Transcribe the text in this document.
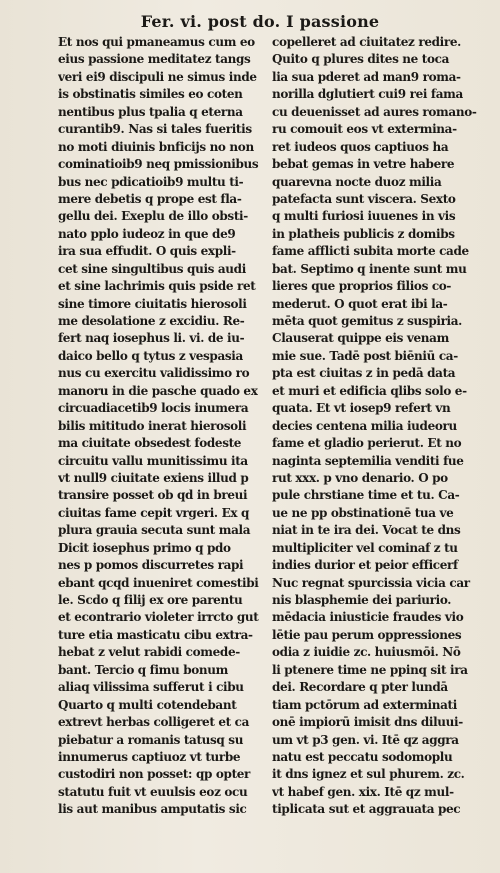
Fer. vi. post do. I passione
Et nos qui pmaneamus cum eo
eius passione meditatez tangs
veri ei9 discipuli ne simus inde
is obstinatis similes eo coten
nentibus plus tpalia q eterna
curantib9. Nas si tales fueritis
no moti diuinis bnficijs no non
cominatioib9 neq pmissionibus
bus nec pdicatioib9 multu ti-
mere debetis q prope est fla-
gellu dei. Exeplu de illo obsti-
nato pplo iudeoz in que de9
ira sua effudit. O quis expli-
cet sine singultibus quis audi
et sine lachrimis quis pside ret
sine timore ciuitatis hierosoli
me desolatione z excidiu. Re-
fert naq iosephus li. vi. de iu-
daico bello q tytus z vespasia
nus cu exercitu validissimo ro
manoru in die pasche quado ex
circuadiacetib9 locis inumera
bilis mititudo inerat hierosoli
ma ciuitate obsedest fodeste
circuitu vallu munitissimu ita
vt null9 ciuitate exiens illud p
transire posset ob qd in breui
ciuitas fame cepit vrgeri. Ex q
plura grauia secuta sunt mala
Dicit iosephus primo q pdo
nes p pomos discurretes rapi
ebant qcqd inueniret comestibi
le. Scdo q filij ex ore parentu
et econtrario violeter irrcto gut
ture etia masticatu cibu extra-
hebat z velut rabidi comede-
bant. Tercio q fimu bonum
aliaq vilissima sufferut i cibu
Quarto q multi cotendebant
extrevt herbas colligeret et ca
piebatur a romanis tatusq su
innumerus captiuoz vt turbe
custodiri non posset: qp opter
statutu fuit vt euulsis eoz ocu
lis aut manibus amputatis sic
copelleret ad ciuitatez redire.
Quito q plures dites ne toca
lia sua pderet ad man9 roma-
norilla dglutiert cui9 rei fama
cu deuenisset ad aures romano-
ru comouit eos vt extermina-
ret iudeos quos captiuos ha
bebat gemas in vetre habere
quarevna nocte duoz milia
patefacta sunt viscera. Sexto
q multi furiosi iuuenes in vis
in platheis publicis z domibs
fame afflicti subita morte cade
bat. Septimo q inente sunt mu
lieres que proprios filios co-
mederut. O quot erat ibi la-
mēta quot gemitus z suspiria.
Clauserat quippe eis venam
mie sue. Tadē post biēniū ca-
pta est ciuitas z in pedā data
et muri et edificia qlibs solo e-
quata. Et vt iosep9 refert vn
decies centena milia iudeoru
fame et gladio perierut. Et no
naginta septemilia venditi fue
rut xxx. p vno denario. O po
pule chrstiane time et tu. Ca-
ue ne pp obstinationē tua ve
niat in te ira dei. Vocat te dns
multipliciter vel cominaf z tu
indies durior et peior efficerf
Nuc regnat spurcissia vicia car
nis blasphemie dei pariurio.
mēdacia iniusticie fraudes vio
lētie pau perum oppressiones
odia z iuidie zc. huiusmōi. Nō
li ptenere time ne ppinq sit ira
dei. Recordare q pter lundā
tiam pctōrum ad exterminati
onē impiorū imisit dns diluui-
um vt p3 gen. vi. Itē qz aggra
natu est peccatu sodomoplu
it dns ignez et sul phurem. zc.
vt habef gen. xix. Itē qz mul-
tiplicata sut et aggrauata pec
